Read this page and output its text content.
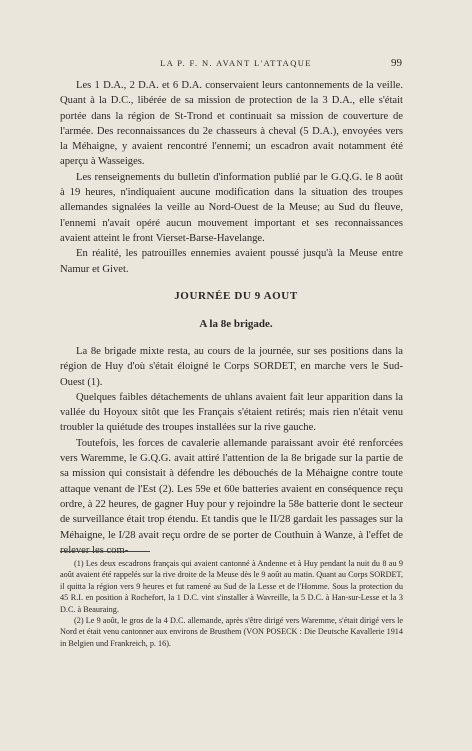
LA P. F. N. AVANT L'ATTAQUE	99

Les 1 D.A., 2 D.A. et 6 D.A. conservaient leurs cantonnements de la veille. Quant à la D.C., libérée de sa mission de protection de la 3 D.A., elle s'était portée dans la région de St-Trond et continuait sa mission de couverture de l'armée. Des reconnaissances du 2e chasseurs à cheval (5 D.A.), envoyées vers la Méhaigne, y avaient rencontré l'ennemi; un escadron avait notamment été aperçu à Wasseiges.

Les renseignements du bulletin d'information publié par le G.Q.G. le 8 août à 19 heures, n'indiquaient aucune modification dans la situation des troupes allemandes signalées la veille au Nord-Ouest de la Meuse; au Sud du fleuve, l'ennemi n'avait opéré aucun mouvement important et ses reconnaissances avaient atteint le front Vierset-Barse-Havelange.

En réalité, les patrouilles ennemies avaient poussé jusqu'à la Meuse entre Namur et Givet.

JOURNÉE DU 9 AOUT
A la 8e brigade.

La 8e brigade mixte resta, au cours de la journée, sur ses positions dans la région de Huy d'où s'était éloigné le Corps SORDET, en marche vers le Sud-Ouest (1).

Quelques faibles détachements de uhlans avaient fait leur apparition dans la vallée du Hoyoux sitôt que les Français s'étaient retirés; mais rien n'était venu troubler la quiétude des troupes installées sur la rive gauche.

Toutefois, les forces de cavalerie allemande paraissant avoir été renforcées vers Waremme, le G.Q.G. avait attiré l'attention de la 8e brigade sur la partie de sa mission qui consistait à défendre les débouchés de la Méhaigne contre toute attaque venant de l'Est (2). Les 59e et 60e batteries avaient en conséquence reçu ordre, à 22 heures, de gagner Huy pour y rejoindre la 58e batterie dont le secteur de surveillance était trop étendu. Et tandis que le II/28 gardait les passages sur la Méhaigne, le I/28 avait reçu ordre de se porter de Couthuin à Wanze, à l'effet de relever les com-

(1) Les deux escadrons français qui avaient cantonné à Andenne et à Huy pendant la nuit du 8 au 9 août avaient été rappelés sur la rive droite de la Meuse dès le 9 août au matin. Quant au Corps SORDET, il quitta la région vers 9 heures et fut ramené au Sud de la Lesse et de l'Homme. Sous la protection du 45 R.I. en position à Rochefort, la 1 D.C. vint s'installer à Wavreille, la 5 D.C. à Han-sur-Lesse et la 3 D.C. à Beauraing.

(2) Le 9 août, le gros de la 4 D.C. allemande, après s'être dirigé vers Waremme, s'était dirigé vers le Nord et était venu cantonner aux environs de Brusthem (VON POSECK : Die Deutsche Kavallerie 1914 in Belgien und Frankreich, p. 16).
